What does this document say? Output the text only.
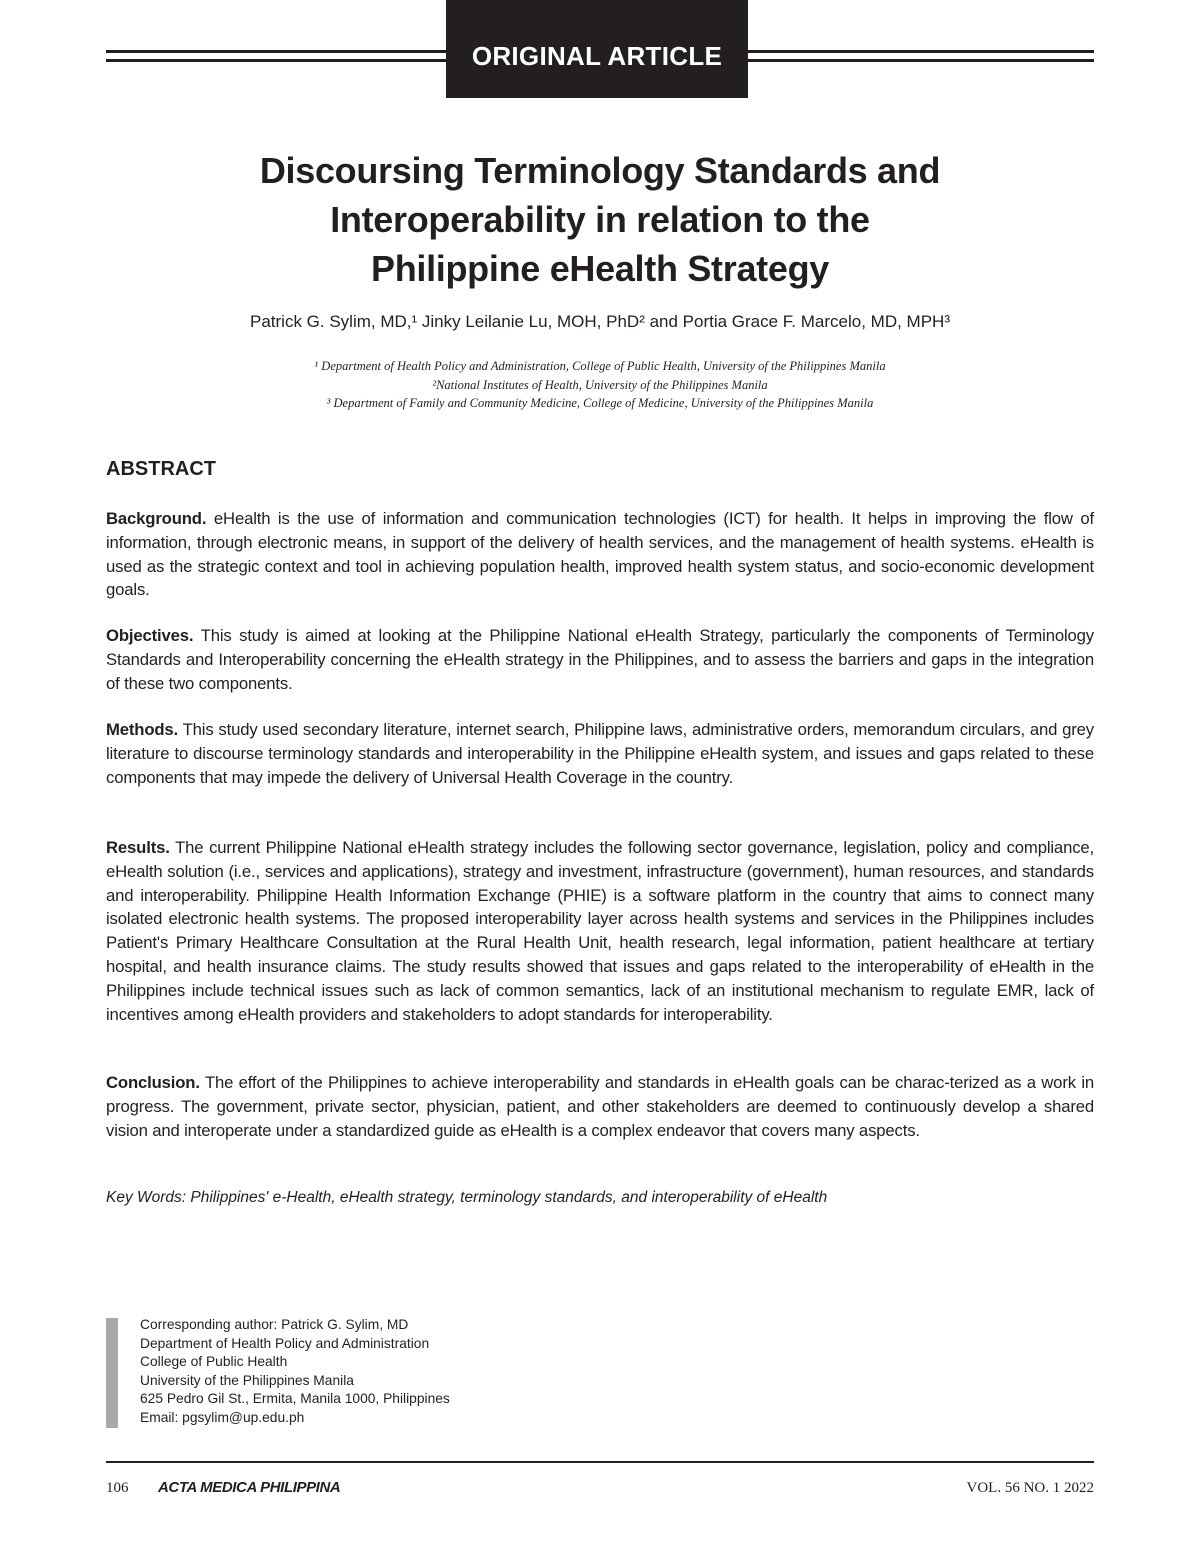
ORIGINAL ARTICLE
Discoursing Terminology Standards and
Interoperability in relation to the
Philippine eHealth Strategy
Patrick G. Sylim, MD,¹ Jinky Leilanie Lu, MOH, PhD² and Portia Grace F. Marcelo, MD, MPH³
¹ Department of Health Policy and Administration, College of Public Health, University of the Philippines Manila
²National Institutes of Health, University of the Philippines Manila
³ Department of Family and Community Medicine, College of Medicine, University of the Philippines Manila
ABSTRACT
Background. eHealth is the use of information and communication technologies (ICT) for health. It helps in improving the flow of information, through electronic means, in support of the delivery of health services, and the management of health systems. eHealth is used as the strategic context and tool in achieving population health, improved health system status, and socio-economic development goals.
Objectives. This study is aimed at looking at the Philippine National eHealth Strategy, particularly the components of Terminology Standards and Interoperability concerning the eHealth strategy in the Philippines, and to assess the barriers and gaps in the integration of these two components.
Methods. This study used secondary literature, internet search, Philippine laws, administrative orders, memorandum circulars, and grey literature to discourse terminology standards and interoperability in the Philippine eHealth system, and issues and gaps related to these components that may impede the delivery of Universal Health Coverage in the country.
Results. The current Philippine National eHealth strategy includes the following sector governance, legislation, policy and compliance, eHealth solution (i.e., services and applications), strategy and investment, infrastructure (government), human resources, and standards and interoperability. Philippine Health Information Exchange (PHIE) is a software platform in the country that aims to connect many isolated electronic health systems. The proposed interoperability layer across health systems and services in the Philippines includes Patient's Primary Healthcare Consultation at the Rural Health Unit, health research, legal information, patient healthcare at tertiary hospital, and health insurance claims. The study results showed that issues and gaps related to the interoperability of eHealth in the Philippines include technical issues such as lack of common semantics, lack of an institutional mechanism to regulate EMR, lack of incentives among eHealth providers and stakeholders to adopt standards for interoperability.
Conclusion. The effort of the Philippines to achieve interoperability and standards in eHealth goals can be charac-terized as a work in progress. The government, private sector, physician, patient, and other stakeholders are deemed to continuously develop a shared vision and interoperate under a standardized guide as eHealth is a complex endeavor that covers many aspects.
Key Words: Philippines' e-Health, eHealth strategy, terminology standards, and interoperability of eHealth
Corresponding author: Patrick G. Sylim, MD
Department of Health Policy and Administration
College of Public Health
University of the Philippines Manila
625 Pedro Gil St., Ermita, Manila 1000, Philippines
Email: pgsylim@up.edu.ph
106 ACTA MEDICA PHILIPPINA	VOL. 56 NO. 1 2022
